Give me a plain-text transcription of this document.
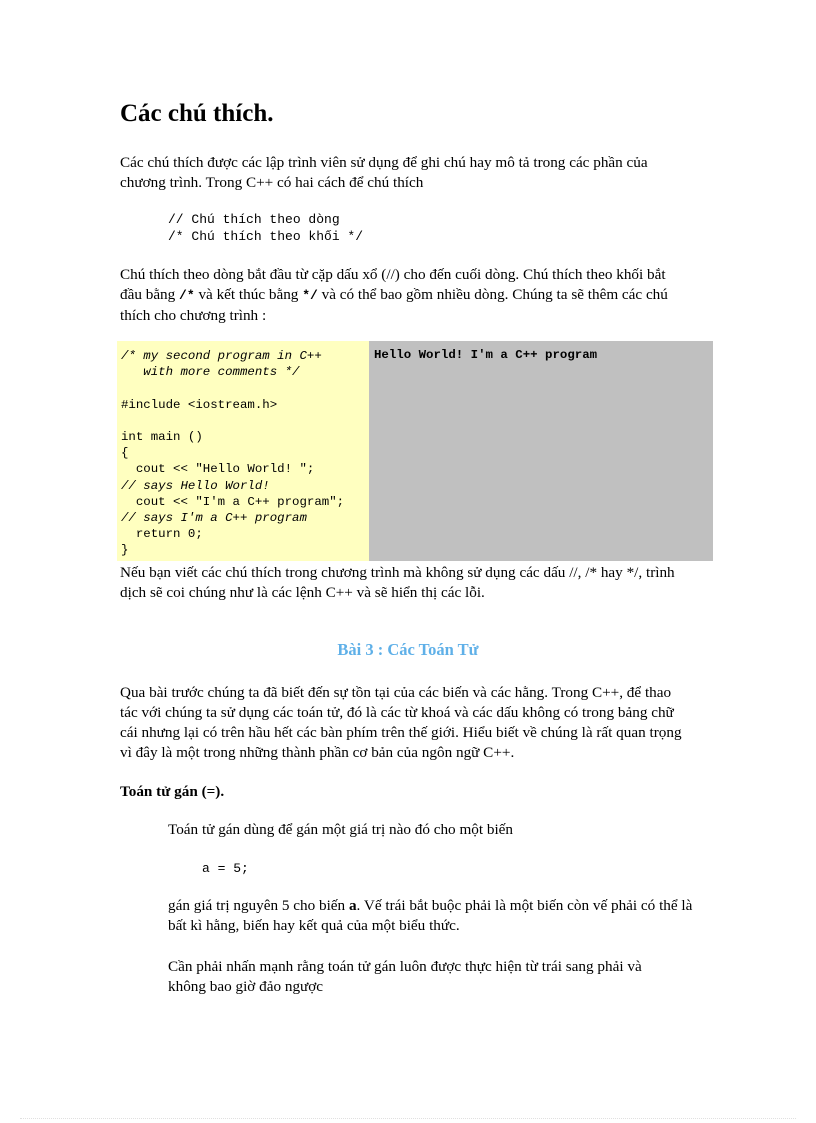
Các chú thích.

Các chú thích được các lập trình viên sử dụng để ghi chú hay mô tả trong các phần của chương trình. Trong C++ có hai cách để chú thích

// Chú thích theo dòng
/* Chú thích theo khối */

Chú thích theo dòng bắt đầu từ cặp dấu xổ (//) cho đến cuối dòng. Chú thích theo khối bắt đầu bằng /* và kết thúc bằng */ và có thể bao gồm nhiều dòng. Chúng ta sẽ thêm các chú thích cho chương trình :

/* my second program in C++
with more comments */
#include <iostream.h>
int main ()
{
cout << "Hello World! ";
// says Hello World!
cout << "I'm a C++ program";
// says I'm a C++ program
return 0;
}
Hello World! I'm a C++ program

Nếu bạn viết các chú thích trong chương trình mà không sử dụng các dấu //, /* hay */, trình dịch sẽ coi chúng như là các lệnh C++ và sẽ hiển thị các lỗi.

Bài 3 : Các Toán Tử

Qua bài trước chúng ta đã biết đến sự tồn tại của các biến và các hằng. Trong C++, để thao tác với chúng ta sử dụng các toán tử, đó là các từ khoá và các dấu không có trong bảng chữ cái nhưng lại có trên hầu hết các bàn phím trên thế giới. Hiểu biết về chúng là rất quan trọng vì đây là một trong những thành phần cơ bản của ngôn ngữ C++.

Toán tử gán (=).

Toán tử gán dùng để gán một giá trị nào đó cho một biến

a = 5;

gán giá trị nguyên 5 cho biến a. Vế trái bắt buộc phải là một biến còn vế phải có thể là bất kì hằng, biến hay kết quả của một biểu thức.

Cần phải nhấn mạnh rằng toán tử gán luôn được thực hiện từ trái sang phải và không bao giờ đảo ngược
